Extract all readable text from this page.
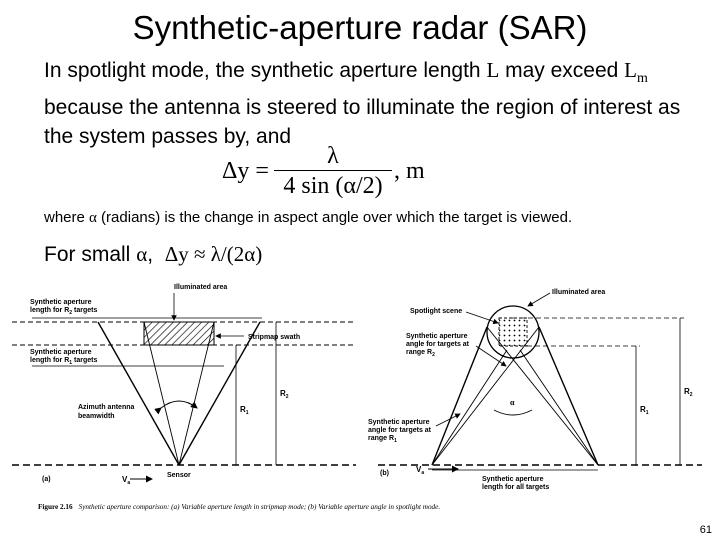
Synthetic-aperture radar (SAR)

In spotlight mode, the synthetic aperture length L may exceed $L_m$ because the antenna is steered to illuminate the region of interest as the system passes by, and

Δy =
λ
4 sin (α/2)
, m

where α (radians) is the change in aspect angle over which the target is viewed.

For small α, Δy ≈ λ/(2α)

Illuminated area
Synthetic aperture length for $R_2$ targets
Synthetic aperture length for $R_1$ targets
Stripmap swath
Azimuth antenna beamwidth
$R_2$
$R_1$
Sensor
$V_a$
(a)
Illuminated area
Spotlight scene
Synthetic aperture angle for targets at range $R_2$
Synthetic aperture angle for targets at range $R_1$
α
$R_2$
$R_1$
$V_a$
(b)
Synthetic aperture length for all targets
Figure 2.16 Synthetic aperture comparison: (a) Variable aperture length in stripmap mode; (b) Variable aperture angle in spotlight mode.
61
